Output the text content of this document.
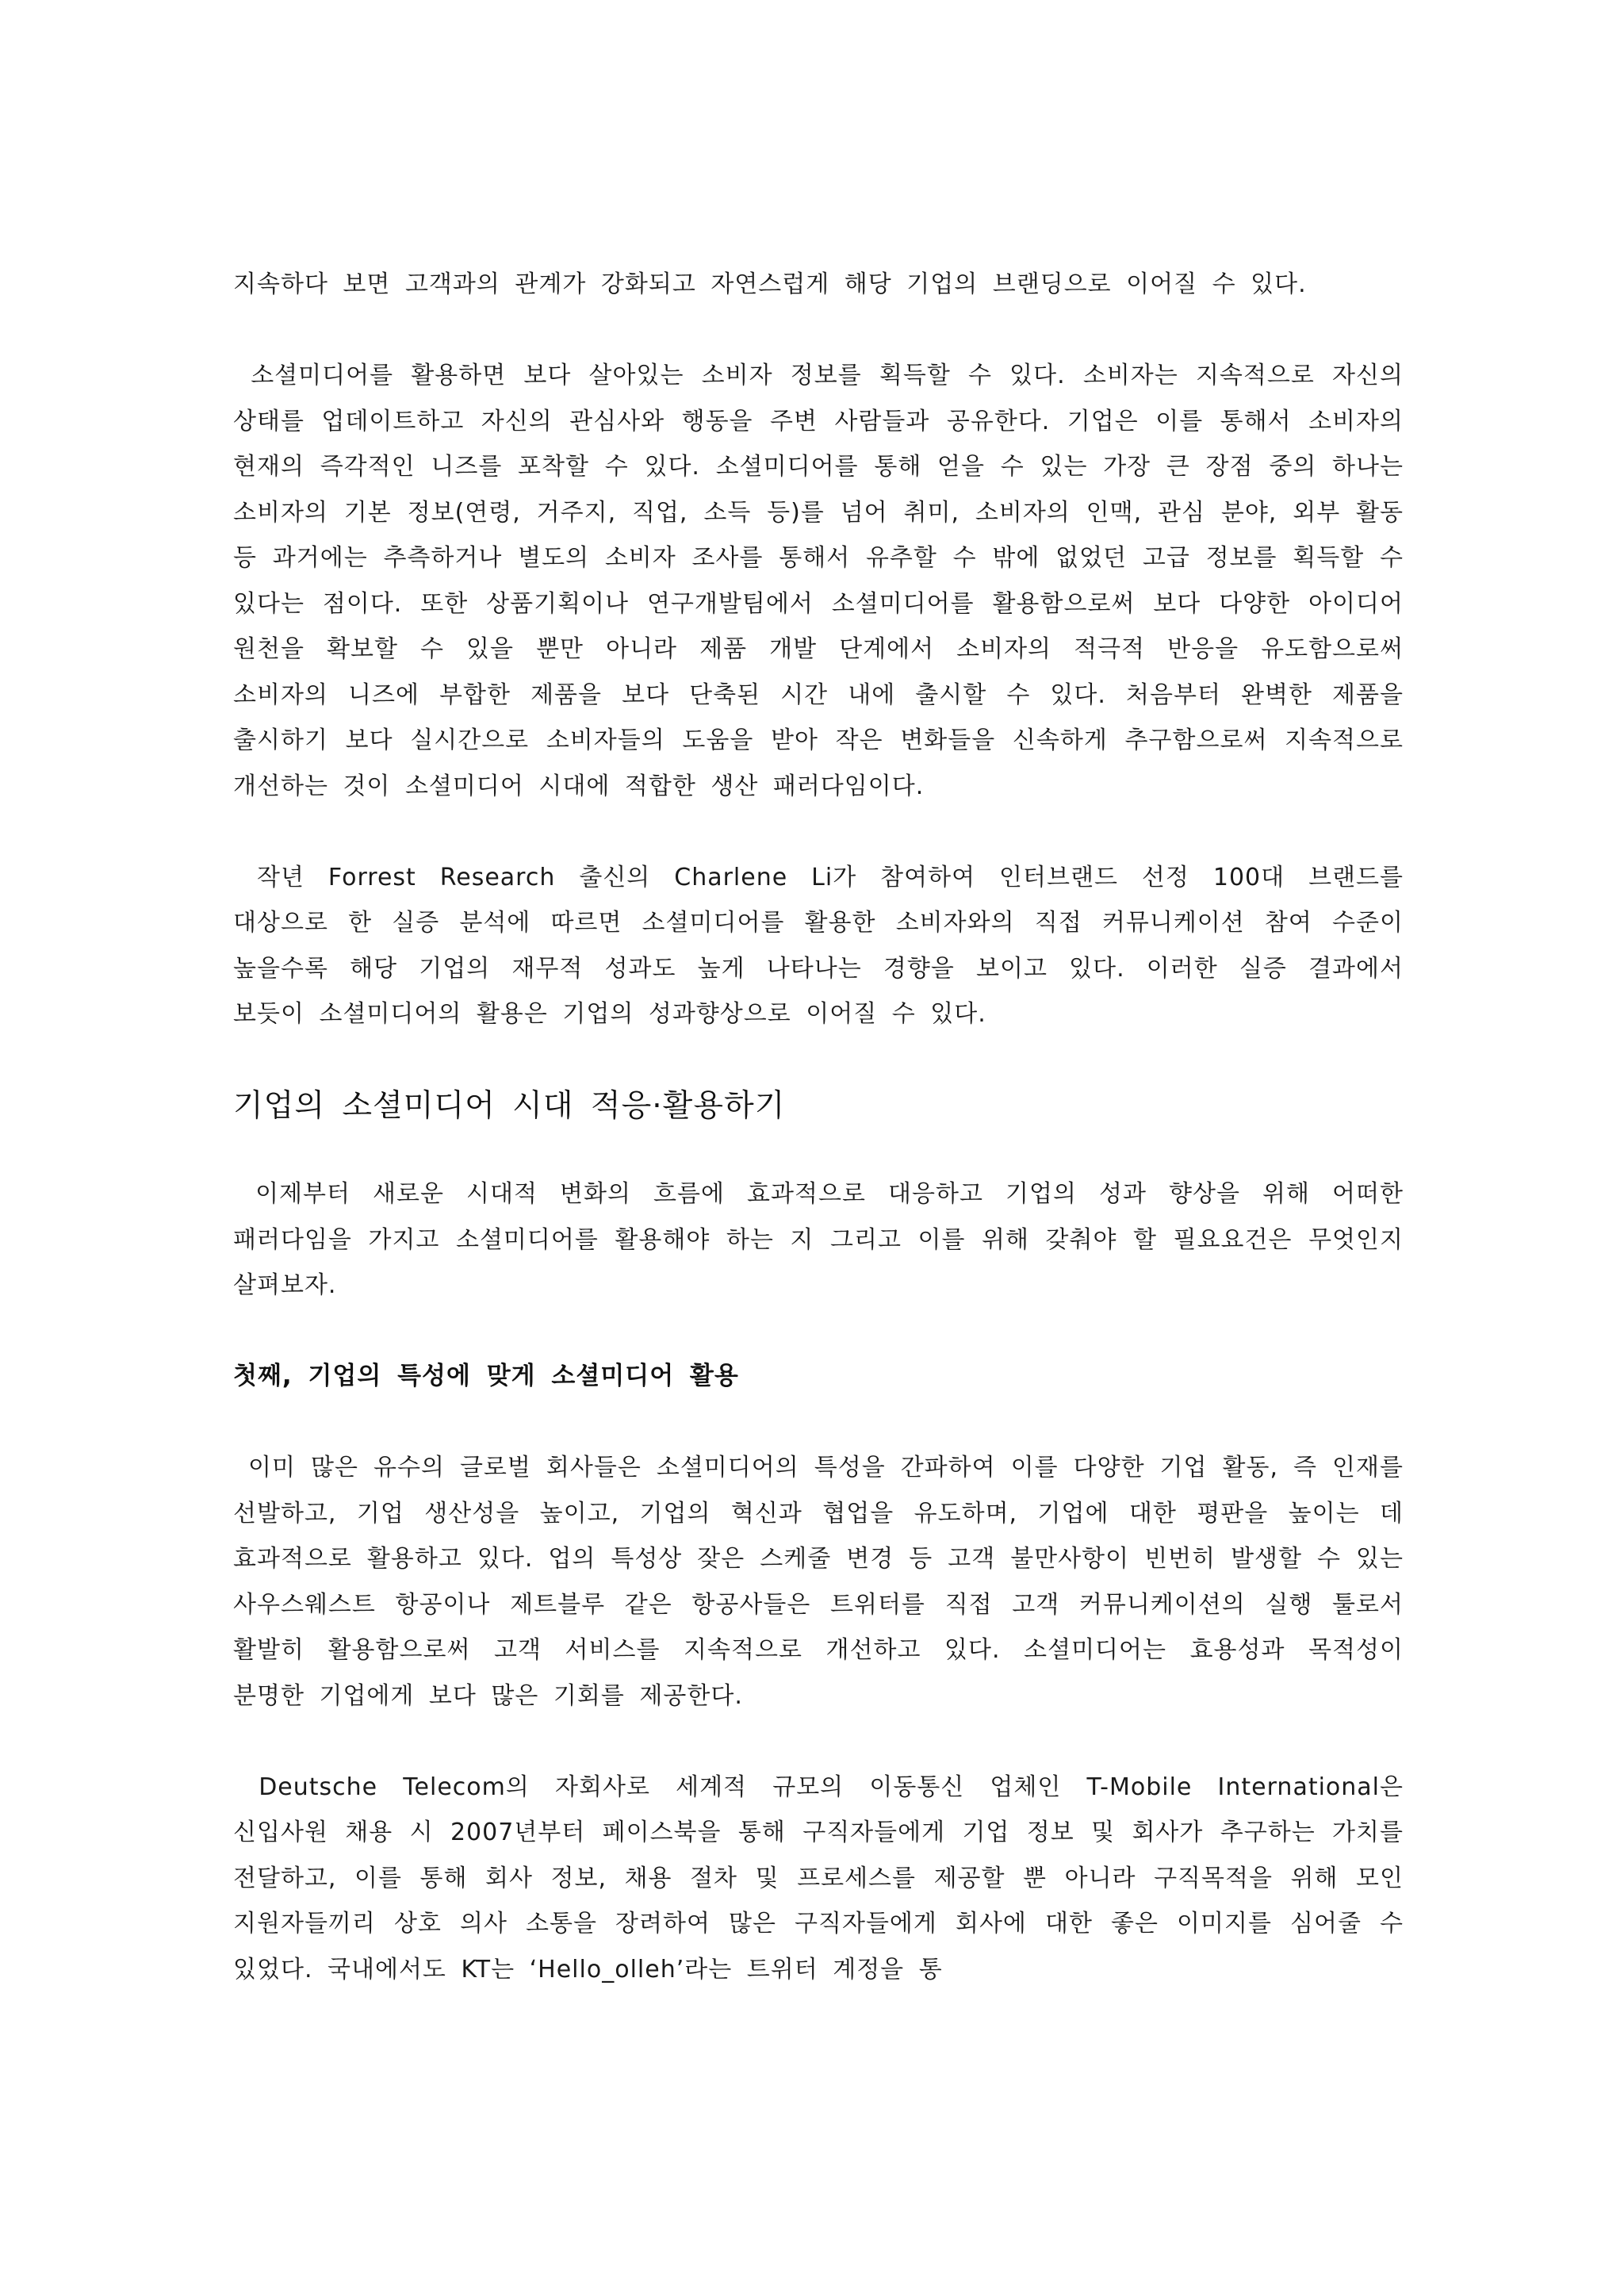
지속하다 보면 고객과의 관계가 강화되고 자연스럽게 해당 기업의 브랜딩으로 이어질 수 있다.

소셜미디어를 활용하면 보다 살아있는 소비자 정보를 획득할 수 있다. 소비자는 지속적으로 자신의 상태를 업데이트하고 자신의 관심사와 행동을 주변 사람들과 공유한다. 기업은 이를 통해서 소비자의 현재의 즉각적인 니즈를 포착할 수 있다. 소셜미디어를 통해 얻을 수 있는 가장 큰 장점 중의 하나는 소비자의 기본 정보(연령, 거주지, 직업, 소득 등)를 넘어 취미, 소비자의 인맥, 관심 분야, 외부 활동 등 과거에는 추측하거나 별도의 소비자 조사를 통해서 유추할 수 밖에 없었던 고급 정보를 획득할 수 있다는 점이다. 또한 상품기획이나 연구개발팀에서 소셜미디어를 활용함으로써 보다 다양한 아이디어 원천을 확보할 수 있을 뿐만 아니라 제품 개발 단계에서 소비자의 적극적 반응을 유도함으로써 소비자의 니즈에 부합한 제품을 보다 단축된 시간 내에 출시할 수 있다. 처음부터 완벽한 제품을 출시하기 보다 실시간으로 소비자들의 도움을 받아 작은 변화들을 신속하게 추구함으로써 지속적으로 개선하는 것이 소셜미디어 시대에 적합한 생산 패러다임이다.

작년 Forrest Research 출신의 Charlene Li가 참여하여 인터브랜드 선정 100대 브랜드를 대상으로 한 실증 분석에 따르면 소셜미디어를 활용한 소비자와의 직접 커뮤니케이션 참여 수준이 높을수록 해당 기업의 재무적 성과도 높게 나타나는 경향을 보이고 있다. 이러한 실증 결과에서 보듯이 소셜미디어의 활용은 기업의 성과향상으로 이어질 수 있다.

기업의 소셜미디어 시대 적응·활용하기

이제부터 새로운 시대적 변화의 흐름에 효과적으로 대응하고 기업의 성과 향상을 위해 어떠한 패러다임을 가지고 소셜미디어를 활용해야 하는 지 그리고 이를 위해 갖춰야 할 필요요건은 무엇인지 살펴보자.

첫째, 기업의 특성에 맞게 소셜미디어 활용

이미 많은 유수의 글로벌 회사들은 소셜미디어의 특성을 간파하여 이를 다양한 기업 활동, 즉 인재를 선발하고, 기업 생산성을 높이고, 기업의 혁신과 협업을 유도하며, 기업에 대한 평판을 높이는 데 효과적으로 활용하고 있다. 업의 특성상 잦은 스케줄 변경 등 고객 불만사항이 빈번히 발생할 수 있는 사우스웨스트 항공이나 제트블루 같은 항공사들은 트위터를 직접 고객 커뮤니케이션의 실행 툴로서 활발히 활용함으로써 고객 서비스를 지속적으로 개선하고 있다. 소셜미디어는 효용성과 목적성이 분명한 기업에게 보다 많은 기회를 제공한다.

Deutsche Telecom의 자회사로 세계적 규모의 이동통신 업체인 T-Mobile International은 신입사원 채용 시 2007년부터 페이스북을 통해 구직자들에게 기업 정보 및 회사가 추구하는 가치를 전달하고, 이를 통해 회사 정보, 채용 절차 및 프로세스를 제공할 뿐 아니라 구직목적을 위해 모인 지원자들끼리 상호 의사 소통을 장려하여 많은 구직자들에게 회사에 대한 좋은 이미지를 심어줄 수 있었다. 국내에서도 KT는 ‘Hello_olleh’라는 트위터 계정을 통
